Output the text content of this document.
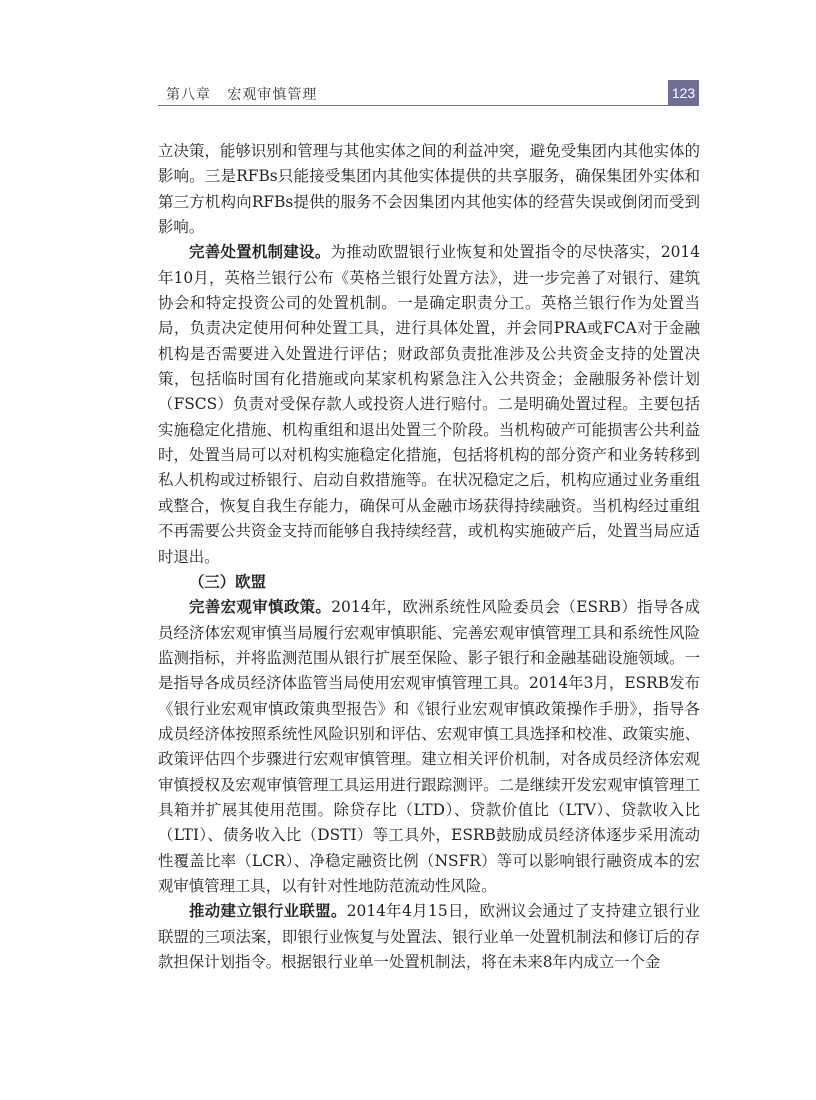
第八章   宏观审慎管理	123

立决策，能够识别和管理与其他实体之间的利益冲突，避免受集团内其他实体的影响。三是RFBs只能接受集团内其他实体提供的共享服务，确保集团外实体和第三方机构向RFBs提供的服务不会因集团内其他实体的经营失误或倒闭而受到影响。

完善处置机制建设。为推动欧盟银行业恢复和处置指令的尽快落实，2014年10月，英格兰银行公布《英格兰银行处置方法》，进一步完善了对银行、建筑协会和特定投资公司的处置机制。一是确定职责分工。英格兰银行作为处置当局，负责决定使用何种处置工具，进行具体处置，并会同PRA或FCA对于金融机构是否需要进入处置进行评估；财政部负责批准涉及公共资金支持的处置决策，包括临时国有化措施或向某家机构紧急注入公共资金；金融服务补偿计划（FSCS）负责对受保存款人或投资人进行赔付。二是明确处置过程。主要包括实施稳定化措施、机构重组和退出处置三个阶段。当机构破产可能损害公共利益时，处置当局可以对机构实施稳定化措施，包括将机构的部分资产和业务转移到私人机构或过桥银行、启动自救措施等。在状况稳定之后，机构应通过业务重组或整合，恢复自我生存能力，确保可从金融市场获得持续融资。当机构经过重组不再需要公共资金支持而能够自我持续经营，或机构实施破产后，处置当局应适时退出。

（三）欧盟

完善宏观审慎政策。2014年，欧洲系统性风险委员会（ESRB）指导各成员经济体宏观审慎当局履行宏观审慎职能、完善宏观审慎管理工具和系统性风险监测指标，并将监测范围从银行扩展至保险、影子银行和金融基础设施领域。一是指导各成员经济体监管当局使用宏观审慎管理工具。2014年3月，ESRB发布《银行业宏观审慎政策典型报告》和《银行业宏观审慎政策操作手册》，指导各成员经济体按照系统性风险识别和评估、宏观审慎工具选择和校准、政策实施、政策评估四个步骤进行宏观审慎管理。建立相关评价机制，对各成员经济体宏观审慎授权及宏观审慎管理工具运用进行跟踪测评。二是继续开发宏观审慎管理工具箱并扩展其使用范围。除贷存比（LTD）、贷款价值比（LTV）、贷款收入比（LTI）、债务收入比（DSTI）等工具外，ESRB鼓励成员经济体逐步采用流动性覆盖比率（LCR）、净稳定融资比例（NSFR）等可以影响银行融资成本的宏观审慎管理工具，以有针对性地防范流动性风险。

推动建立银行业联盟。2014年4月15日，欧洲议会通过了支持建立银行业联盟的三项法案，即银行业恢复与处置法、银行业单一处置机制法和修订后的存款担保计划指令。根据银行业单一处置机制法，将在未来8年内成立一个金
